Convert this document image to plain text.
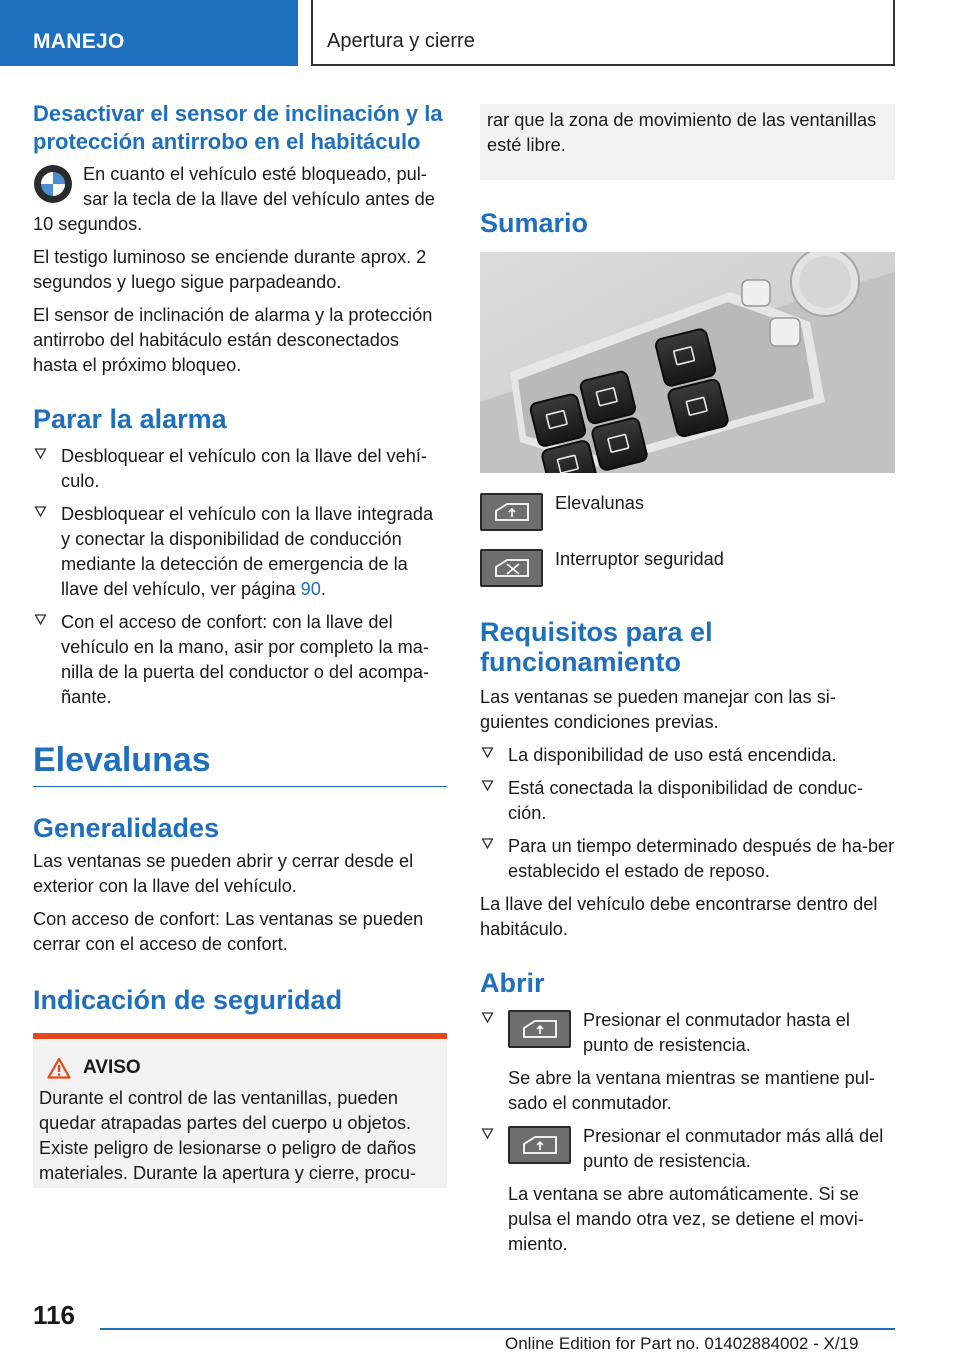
MANEJO	Apertura y cierre
Desactivar el sensor de inclinación y la protección antirrobo en el habitáculo
En cuanto el vehículo esté bloqueado, pul-sar la tecla de la llave del vehículo antes de 10 segundos.

El testigo luminoso se enciende durante aprox. 2 segundos y luego sigue parpadeando.

El sensor de inclinación de alarma y la protección antirrobo del habitáculo están desconectados hasta el próximo bloqueo.

Parar la alarma
Desbloquear el vehículo con la llave del vehí-culo.
Desbloquear el vehículo con la llave integrada y conectar la disponibilidad de conducción mediante la detección de emergencia de la llave del vehículo, ver página 90.
Con el acceso de confort: con la llave del vehículo en la mano, asir por completo la ma-nilla de la puerta del conductor o del acompa-ñante.
Elevalunas
Generalidades

Las ventanas se pueden abrir y cerrar desde el exterior con la llave del vehículo.

Con acceso de confort: Las ventanas se pueden cerrar con el acceso de confort.

Indicación de seguridad
AVISO

Durante el control de las ventanillas, pueden quedar atrapadas partes del cuerpo u objetos. Existe peligro de lesionarse o peligro de daños materiales. Durante la apertura y cierre, procu-

rar que la zona de movimiento de las ventanillas esté libre.

Sumario
Elevalunas
Interruptor seguridad
Requisitos para el funcionamiento

Las ventanas se pueden manejar con las si-guientes condiciones previas.

La disponibilidad de uso está encendida.
Está conectada la disponibilidad de conduc-ción.
Para un tiempo determinado después de ha-ber establecido el estado de reposo.

La llave del vehículo debe encontrarse dentro del habitáculo.

Abrir
Presionar el conmutador hasta el punto de resistencia.

Se abre la ventana mientras se mantiene pul-sado el conmutador.

Presionar el conmutador más allá del punto de resistencia.

La ventana se abre automáticamente. Si se pulsa el mando otra vez, se detiene el movi-miento.

116
Online Edition for Part no. 01402884002 - X/19
